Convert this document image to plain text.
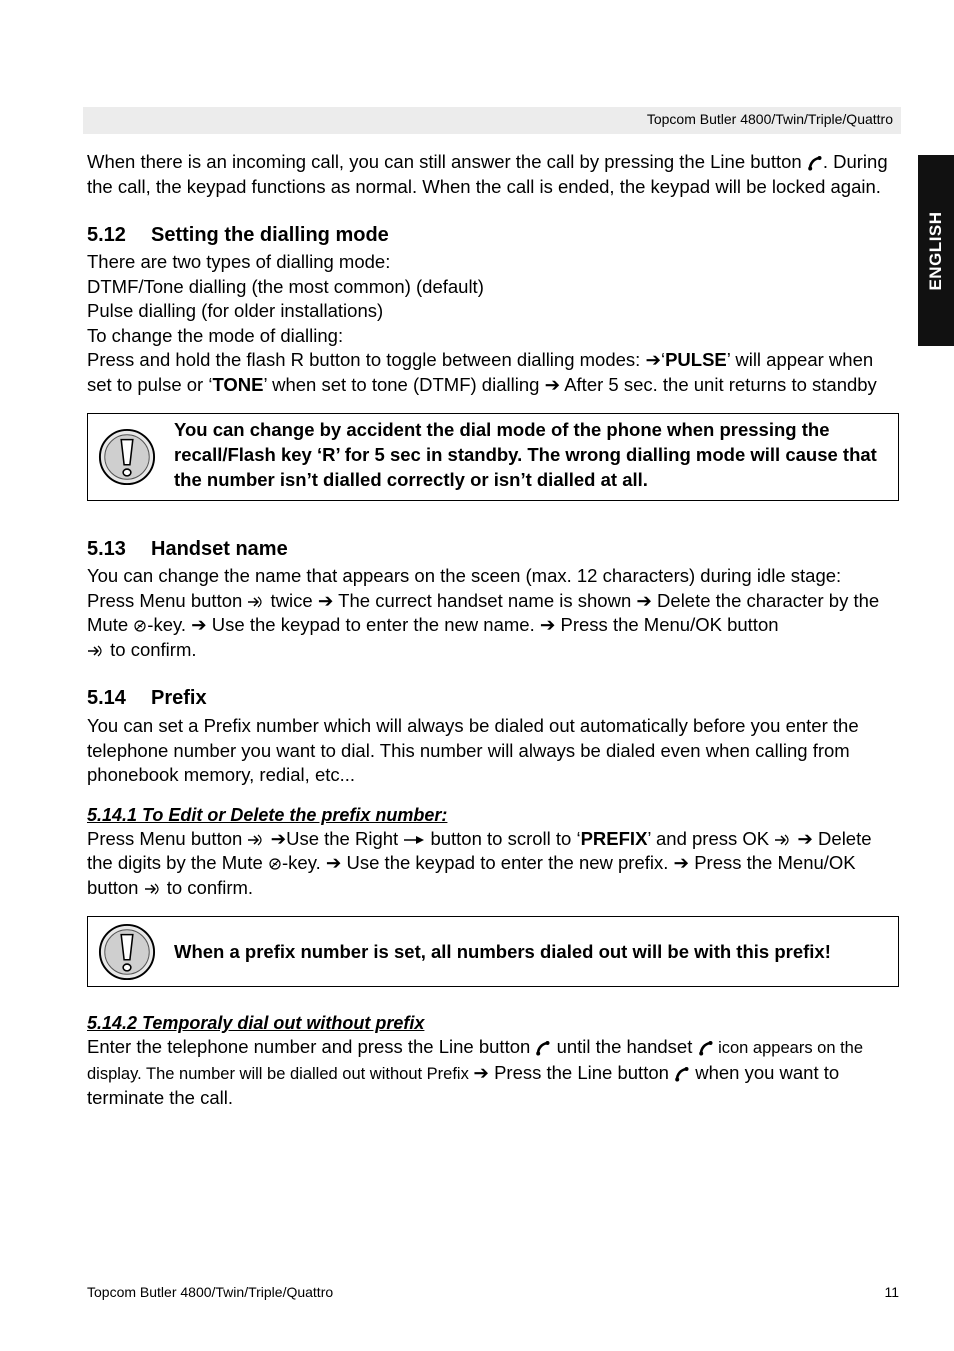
Topcom Butler 4800/Twin/Triple/Quattro
ENGLISH

When there is an incoming call, you can still answer the call by pressing the Line button . During the call, the keypad functions as normal. When the call is ended, the keypad will be locked again.

5.12 Setting the dialling mode

There are two types of dialling mode:

DTMF/Tone dialling (the most common) (default)

Pulse dialling (for older installations)

To change the mode of dialling:

Press and hold the flash R button to toggle between dialling modes: ➔‘PULSE’ will appear when set to pulse or ‘TONE’ when set to tone (DTMF) dialling ➔ After 5 sec. the unit returns to standby

You can change by accident the dial mode of the phone when pressing the recall/Flash key ‘R’ for 5 sec in standby. The wrong dialling mode will cause that the number isn’t dialled correctly or isn’t dialled at all.
5.13 Handset name

You can change the name that appears on the sceen (max. 12 characters) during idle stage:

Press Menu button  twice ➔ The currect handset name is shown ➔ Delete the character by the Mute -key. ➔ Use the keypad to enter the new name. ➔ Press the Menu/OK button
to confirm.

5.14 Prefix

You can set a Prefix number which will always be dialed out automatically before you enter the telephone number you want to dial. This number will always be dialed even when calling from phonebook memory, redial, etc...

5.14.1 To Edit or Delete the prefix number:

Press Menu button  ➔Use the Right  button to scroll to ‘PREFIX’ and press OK  ➔ Delete the digits by the Mute -key. ➔ Use the keypad to enter the new prefix. ➔ Press the Menu/OK button  to confirm.

When a prefix number is set, all numbers dialed out will be with this prefix!
5.14.2 Temporaly dial out without prefix

Enter the telephone number and press the Line button  until the handset  icon appears on the display. The number will be dialled out without Prefix ➔ Press the Line button  when you want to terminate the call.

Topcom Butler 4800/Twin/Triple/Quattro	11
